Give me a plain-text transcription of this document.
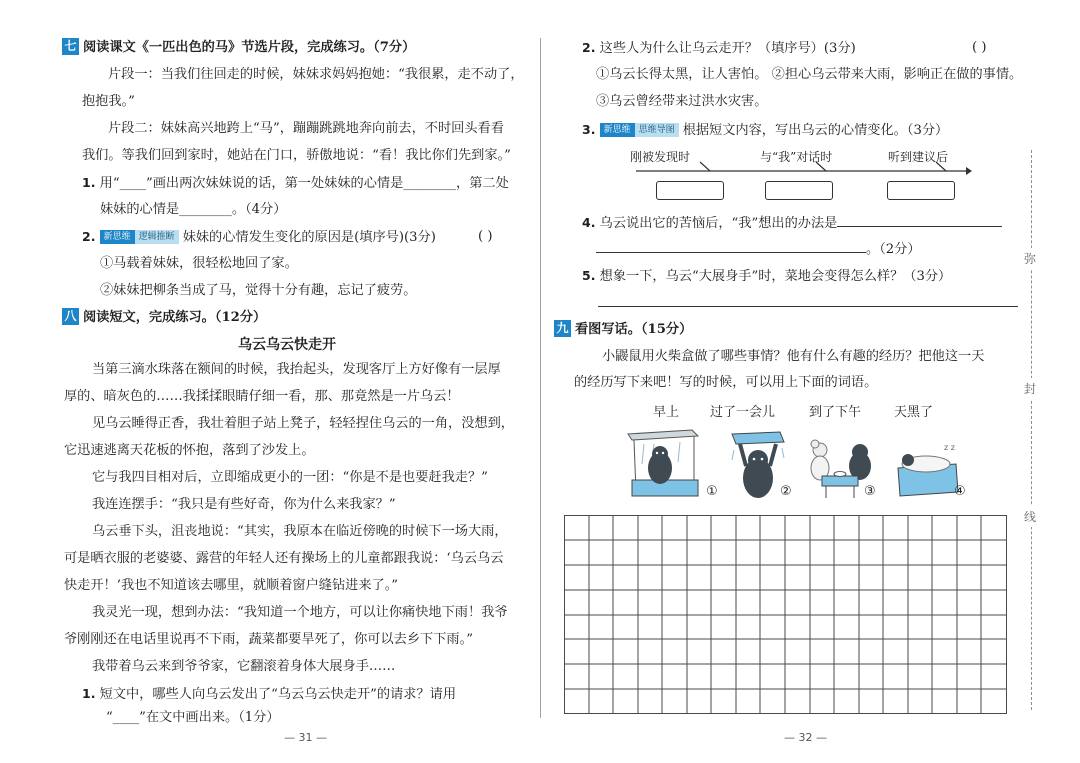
弥
封
线
七 阅读课文《一匹出色的马》节选片段，完成练习。（7分）
片段一：当我们往回走的时候，妹妹求妈妈抱她：“我很累，走不动了，
抱抱我。”
片段二：妹妹高兴地跨上“马”，蹦蹦跳跳地奔向前去，不时回头看看
我们。等我们回到家时，她站在门口，骄傲地说：“看！我比你们先到家。”
1. 用“____”画出两次妹妹说的话，第一处妹妹的心情是________，第二处
妹妹的心情是________。（4分）
2. 新思维 逻辑推断 妹妹的心情发生变化的原因是(填序号)(3分)	( )
①马载着妹妹，很轻松地回了家。
②妹妹把柳条当成了马，觉得十分有趣，忘记了疲劳。
八 阅读短文，完成练习。（12分）
乌云乌云快走开
当第三滴水珠落在额间的时候，我抬起头，发现客厅上方好像有一层厚
厚的、暗灰色的……我揉揉眼睛仔细一看，那、那竟然是一片乌云！
见乌云睡得正香，我壮着胆子站上凳子，轻轻捏住乌云的一角，没想到，
它迅速逃离天花板的怀抱，落到了沙发上。
它与我四目相对后，立即缩成更小的一团：“你是不是也要赶我走？”
我连连摆手：“我只是有些好奇，你为什么来我家？”
乌云垂下头，沮丧地说：“其实，我原本在临近傍晚的时候下一场大雨，
可是晒衣服的老婆婆、露营的年轻人还有操场上的儿童都跟我说：‘乌云乌云
快走开！’我也不知道该去哪里，就顺着窗户缝钻进来了。”
我灵光一现，想到办法：“我知道一个地方，可以让你痛快地下雨！我爷
爷刚刚还在电话里说再不下雨，蔬菜都要旱死了，你可以去乡下下雨。”
我带着乌云来到爷爷家，它翻滚着身体大展身手……
1. 短文中，哪些人向乌云发出了“乌云乌云快走开”的请求？请用
“____”在文中画出来。（1分）
— 31 —
2. 这些人为什么让乌云走开？（填序号）(3分)	( )
①乌云长得太黑，让人害怕。 ②担心乌云带来大雨，影响正在做的事情。
③乌云曾经带来过洪水灾害。
3. 新思维 思维导图 根据短文内容，写出乌云的心情变化。（3分）
刚被发现时	与“我”对话时	听到建议后
4. 乌云说出它的苦恼后，“我”想出的办法是
。（2分）
5. 想象一下，乌云“大展身手”时，菜地会变得怎么样？（3分）
九 看图写话。（15分）
小鼹鼠用火柴盒做了哪些事情？他有什么有趣的经历？把他这一天
的经历写下来吧！写的时候，可以用上下面的词语。
早上 过了一会儿	到了下午	天黑了
①	②	③
z z
④
— 32 —
